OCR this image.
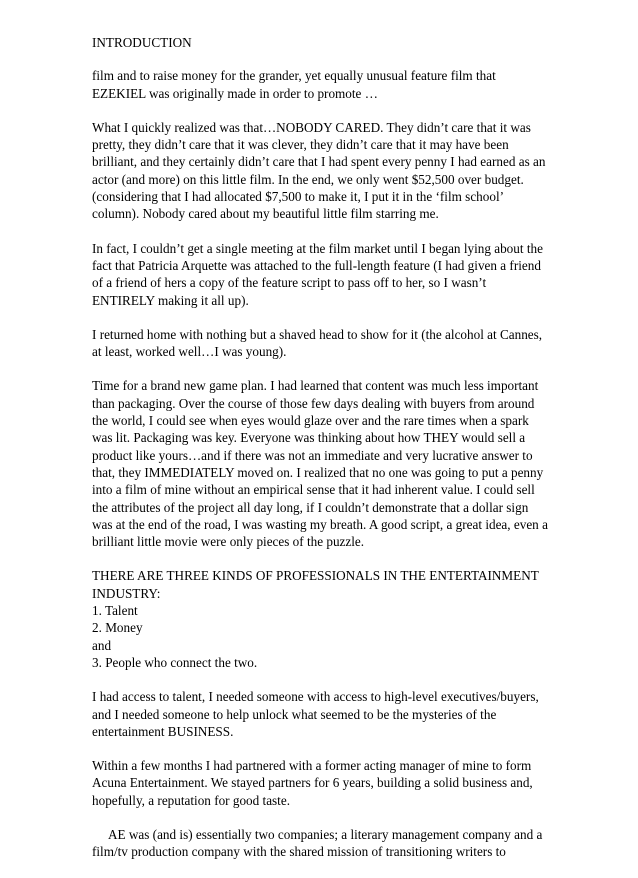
INTRODUCTION
film and to raise money for the grander, yet equally unusual feature film that EZEKIEL was originally made in order to promote …
What I quickly realized was that…NOBODY CARED. They didn’t care that it was pretty, they didn’t care that it was clever, they didn’t care that it may have been brilliant, and they certainly didn’t care that I had spent every penny I had earned as an actor (and more) on this little film. In the end, we only went $52,500 over budget. (considering that I had allocated $7,500 to make it, I put it in the ‘film school’ column). Nobody cared about my beautiful little film starring me.
In fact, I couldn’t get a single meeting at the film market until I began lying about the fact that Patricia Arquette was attached to the full-length feature (I had given a friend of a friend of hers a copy of the feature script to pass off to her, so I wasn’t ENTIRELY making it all up).
I returned home with nothing but a shaved head to show for it (the alcohol at Cannes, at least, worked well…I was young).
Time for a brand new game plan. I had learned that content was much less important than packaging. Over the course of those few days dealing with buyers from around the world, I could see when eyes would glaze over and the rare times when a spark was lit. Packaging was key. Everyone was thinking about how THEY would sell a product like yours…and if there was not an immediate and very lucrative answer to that, they IMMEDIATELY moved on. I realized that no one was going to put a penny into a film of mine without an empirical sense that it had inherent value. I could sell the attributes of the project all day long, if I couldn’t demonstrate that a dollar sign was at the end of the road, I was wasting my breath. A good script, a great idea, even a brilliant little movie were only pieces of the puzzle.
THERE ARE THREE KINDS OF PROFESSIONALS IN THE ENTERTAINMENT INDUSTRY:
1. Talent
2. Money
and
3. People who connect the two.
I had access to talent, I needed someone with access to high-level executives/buyers, and I needed someone to help unlock what seemed to be the mysteries of the entertainment BUSINESS.
Within a few months I had partnered with a former acting manager of mine to form Acuna Entertainment. We stayed partners for 6 years, building a solid business and, hopefully, a reputation for good taste.
AE was (and is) essentially two companies; a literary management company and a film/tv production company with the shared mission of transitioning writers to
